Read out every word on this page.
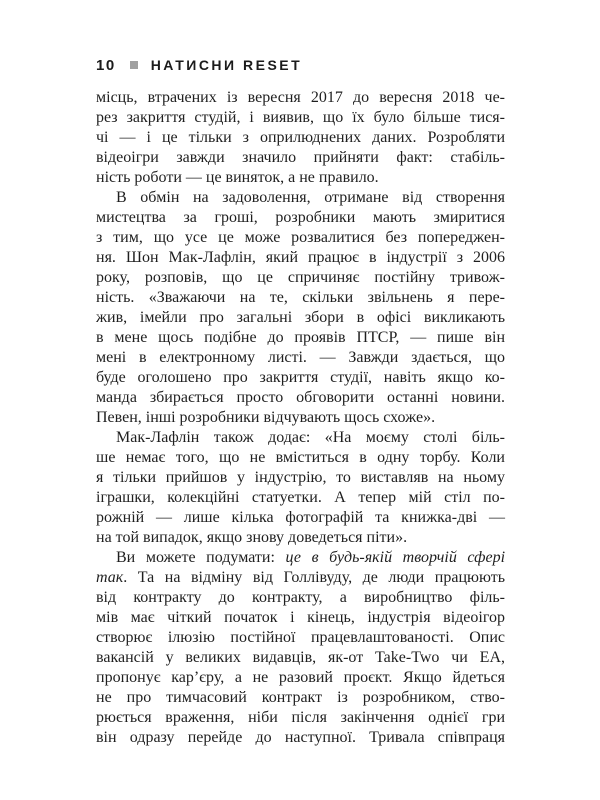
10	НАТИСНИ RESET
місць, втрачених із вересня 2017 до вересня 2018 че-
рез закриття студій, і виявив, що їх було більше тися-
чі — і це тільки з оприлюднених даних. Розробляти
відеоігри завжди значило прийняти факт: стабіль-
ність роботи — це виняток, а не правило.
В обмін на задоволення, отримане від створення
мистецтва за гроші, розробники мають змиритися
з тим, що усе це може розвалитися без попереджен-
ня. Шон Мак-Лафлін, який працює в індустрії з 2006
року, розповів, що це спричиняє постійну тривож-
ність. «Зважаючи на те, скільки звільнень я пере-
жив, імейли про загальні збори в офісі викликають
в мене щось подібне до проявів ПТСР, — пише він
мені в електронному листі. — Завжди здається, що
буде оголошено про закриття студії, навіть якщо ко-
манда збирається просто обговорити останні новини.
Певен, інші розробники відчувають щось схоже».
Мак-Лафлін також додає: «На моєму столі біль-
ше немає того, що не вміститься в одну торбу. Коли
я тільки прийшов у індустрію, то виставляв на ньому
іграшки, колекційні статуетки. А тепер мій стіл по-
рожній — лише кілька фотографій та книжка-дві —
на той випадок, якщо знову доведеться піти».
Ви можете подумати: це в будь-якій творчій сфері
так. Та на відміну від Голлівуду, де люди працюють
від контракту до контракту, а виробництво філь-
мів має чіткий початок і кінець, індустрія відеоігор
створює ілюзію постійної працевлаштованості. Опис
вакансій у великих видавців, як-от Take-Two чи EA,
пропонує кар’єру, а не разовий проєкт. Якщо йдеться
не про тимчасовий контракт із розробником, ство-
рюється враження, ніби після закінчення однієї гри
він одразу перейде до наступної. Тривала співпраця
